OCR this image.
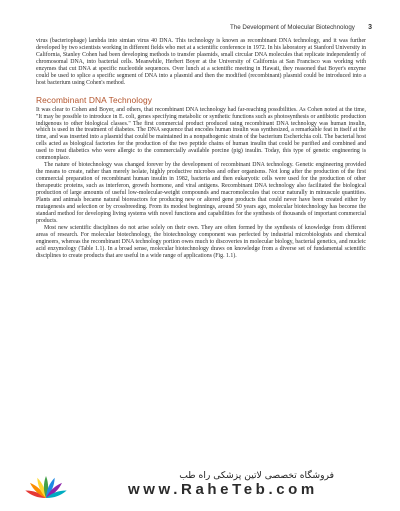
The Development of Molecular Biotechnology 3

virus (bacteriophage) lambda into simian virus 40 DNA. This technology is known as recombinant DNA technology, and it was further developed by two scientists working in different fields who met at a scientific conference in 1972. In his laboratory at Stanford University in California, Stanley Cohen had been developing methods to transfer plasmids, small circular DNA molecules that replicate independently of chromosomal DNA, into bacterial cells. Meanwhile, Herbert Boyer at the University of California at San Francisco was working with enzymes that cut DNA at specific nucleotide sequences. Over lunch at a scientific meeting in Hawaii, they reasoned that Boyer's enzyme could be used to splice a specific segment of DNA into a plasmid and then the modified (recombinant) plasmid could be introduced into a host bacterium using Cohen's method.

Recombinant DNA Technology

It was clear to Cohen and Boyer, and others, that recombinant DNA technology had far-reaching possibilities. As Cohen noted at the time, "It may be possible to introduce in E. coli, genes specifying metabolic or synthetic functions such as photosynthesis or antibiotic production indigenous to other biological classes." The first commercial product produced using recombinant DNA technology was human insulin, which is used in the treatment of diabetes. The DNA sequence that encodes human insulin was synthesized, a remarkable feat in itself at the time, and was inserted into a plasmid that could be maintained in a nonpathogenic strain of the bacterium Escherichia coli. The bacterial host cells acted as biological factories for the production of the two peptide chains of human insulin that could be purified and combined and used to treat diabetics who were allergic to the commercially available porcine (pig) insulin. Today, this type of genetic engineering is commonplace.

The nature of biotechnology was changed forever by the development of recombinant DNA technology. Genetic engineering provided the means to create, rather than merely isolate, highly productive microbes and other organisms. Not long after the production of the first commercial preparation of recombinant human insulin in 1982, bacteria and then eukaryotic cells were used for the production of other therapeutic proteins, such as interferon, growth hormone, and viral antigens. Recombinant DNA technology also facilitated the biological production of large amounts of useful low-molecular-weight compounds and macromolecules that occur naturally in minuscule quantities. Plants and animals became natural bioreactors for producing new or altered gene products that could never have been created either by mutagenesis and selection or by crossbreeding. From its modest beginnings, around 50 years ago, molecular biotechnology has become the standard method for developing living systems with novel functions and capabilities for the synthesis of thousands of important commercial products.

Most new scientific disciplines do not arise solely on their own. They are often formed by the synthesis of knowledge from different areas of research. For molecular biotechnology, the biotechnology component was perfected by industrial microbiologists and chemical engineers, whereas the recombinant DNA technology portion owes much to discoveries in molecular biology, bacterial genetics, and nucleic acid enzymology (Table 1.1). In a broad sense, molecular biotechnology draws on knowledge from a diverse set of fundamental scientific disciplines to create products that are useful in a wide range of applications (Fig. 1.1).

فروشگاه تخصصی لاتین پزشکی راه طب
www.RaheTeb.com
